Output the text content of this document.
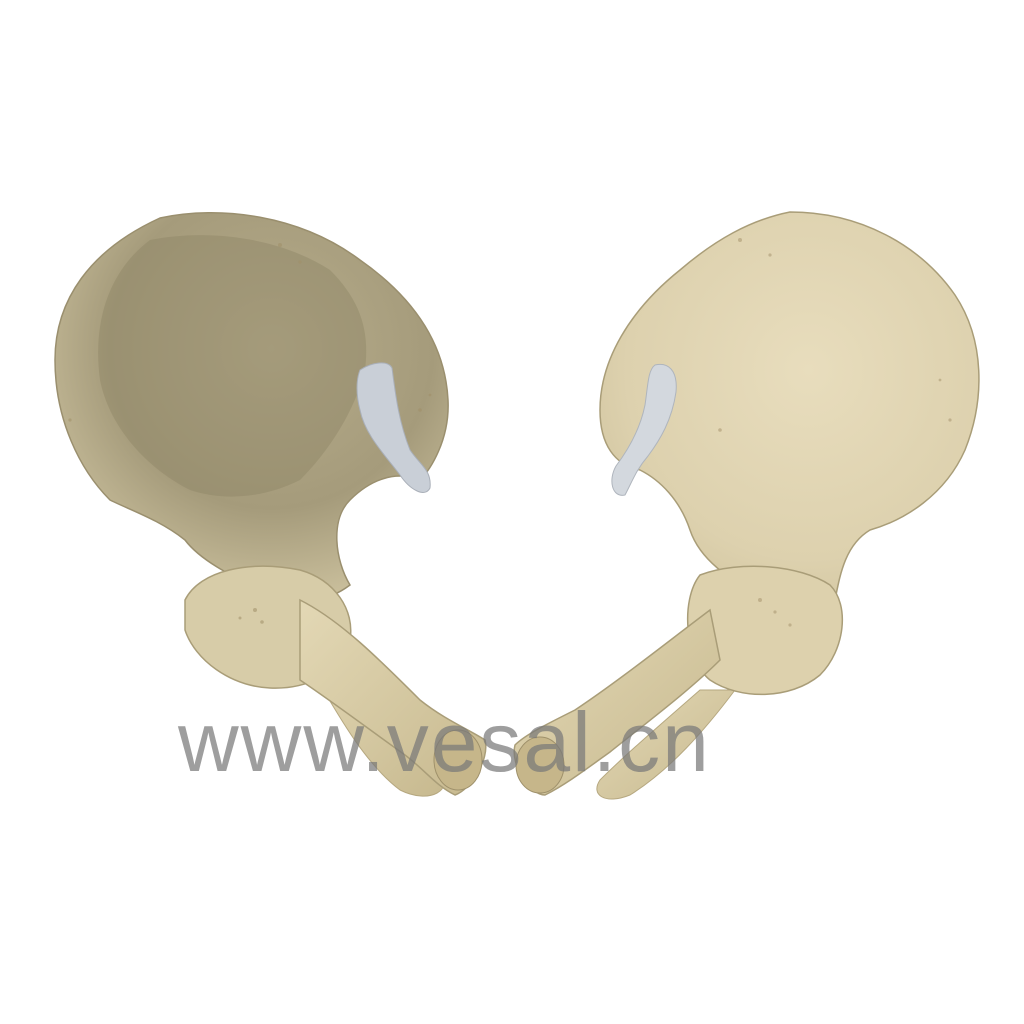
www.vesal.cn
